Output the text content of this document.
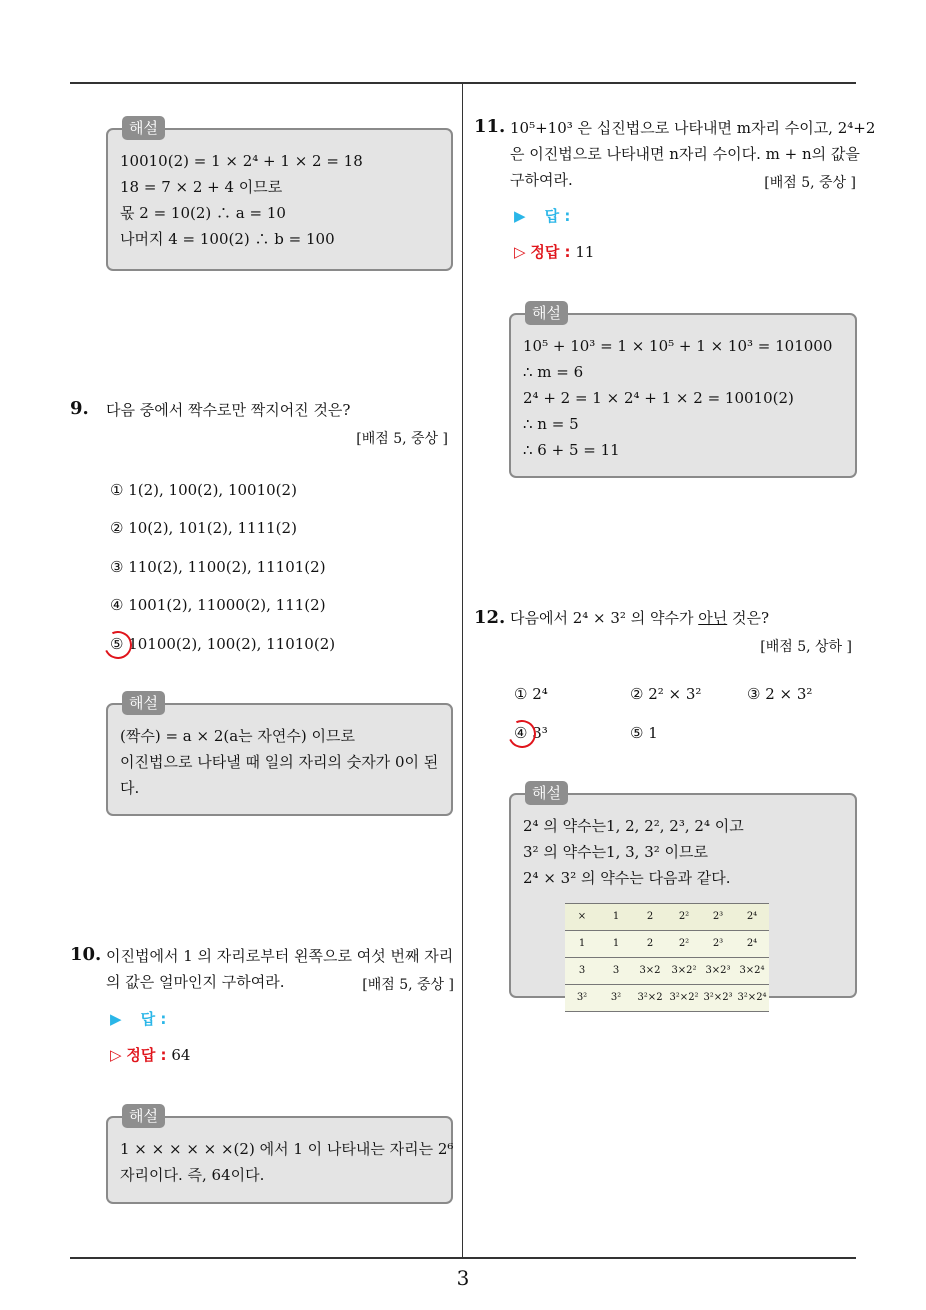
해설
10010(2) = 1 × 2⁴ + 1 × 2 = 18
18 = 7 × 2 + 4 이므로
몫 2 = 10(2) ∴ a = 10
나머지 4 = 100(2) ∴ b = 100
9. 다음 중에서 짝수로만 짝지어진 것은?
[배점 5, 중상 ]
① 1(2), 100(2), 10010(2)
② 10(2), 101(2), 1111(2)
③ 110(2), 1100(2), 11101(2)
④ 1001(2), 11000(2), 111(2)
⑤ 10100(2), 100(2), 11010(2)
해설
(짝수) = a × 2(a는 자연수) 이므로
이진법으로 나타낼 때 일의 자리의 숫자가 0이 된
다.
10. 이진법에서 1 의 자리로부터 왼쪽으로 여섯 번째 자리
의 값은 얼마인지 구하여라.	[배점 5, 중상 ]
▶ 답 :
▷ 정답 : 64
해설
1 × × × × × ×(2) 에서 1 이 나타내는 자리는 2⁶
자리이다. 즉, 64이다.
11. 10⁵+10³ 은 십진법으로 나타내면 m자리 수이고, 2⁴+2
은 이진법으로 나타내면 n자리 수이다. m + n의 값을
구하여라.	[배점 5, 중상 ]
▶ 답 :
▷ 정답 : 11
해설
10⁵ + 10³ = 1 × 10⁵ + 1 × 10³ = 101000
∴ m = 6
2⁴ + 2 = 1 × 2⁴ + 1 × 2 = 10010(2)
∴ n = 5
∴ 6 + 5 = 11
12. 다음에서 2⁴ × 3² 의 약수가 아닌 것은?
[배점 5, 상하 ]
① 2⁴	② 2² × 3²	③ 2 × 3²
④ 3³	⑤ 1
해설
2⁴ 의 약수는1, 2, 2², 2³, 2⁴ 이고
3² 의 약수는1, 3, 3² 이므로
2⁴ × 3² 의 약수는 다음과 같다.
×	1	2	2²	2³	2⁴
1	1	2	2²	2³	2⁴
3	3	3×2	3×2²	3×2³	3×2⁴
3²	3²	3²×2	3²×2²	3²×2³	3²×2⁴
3
